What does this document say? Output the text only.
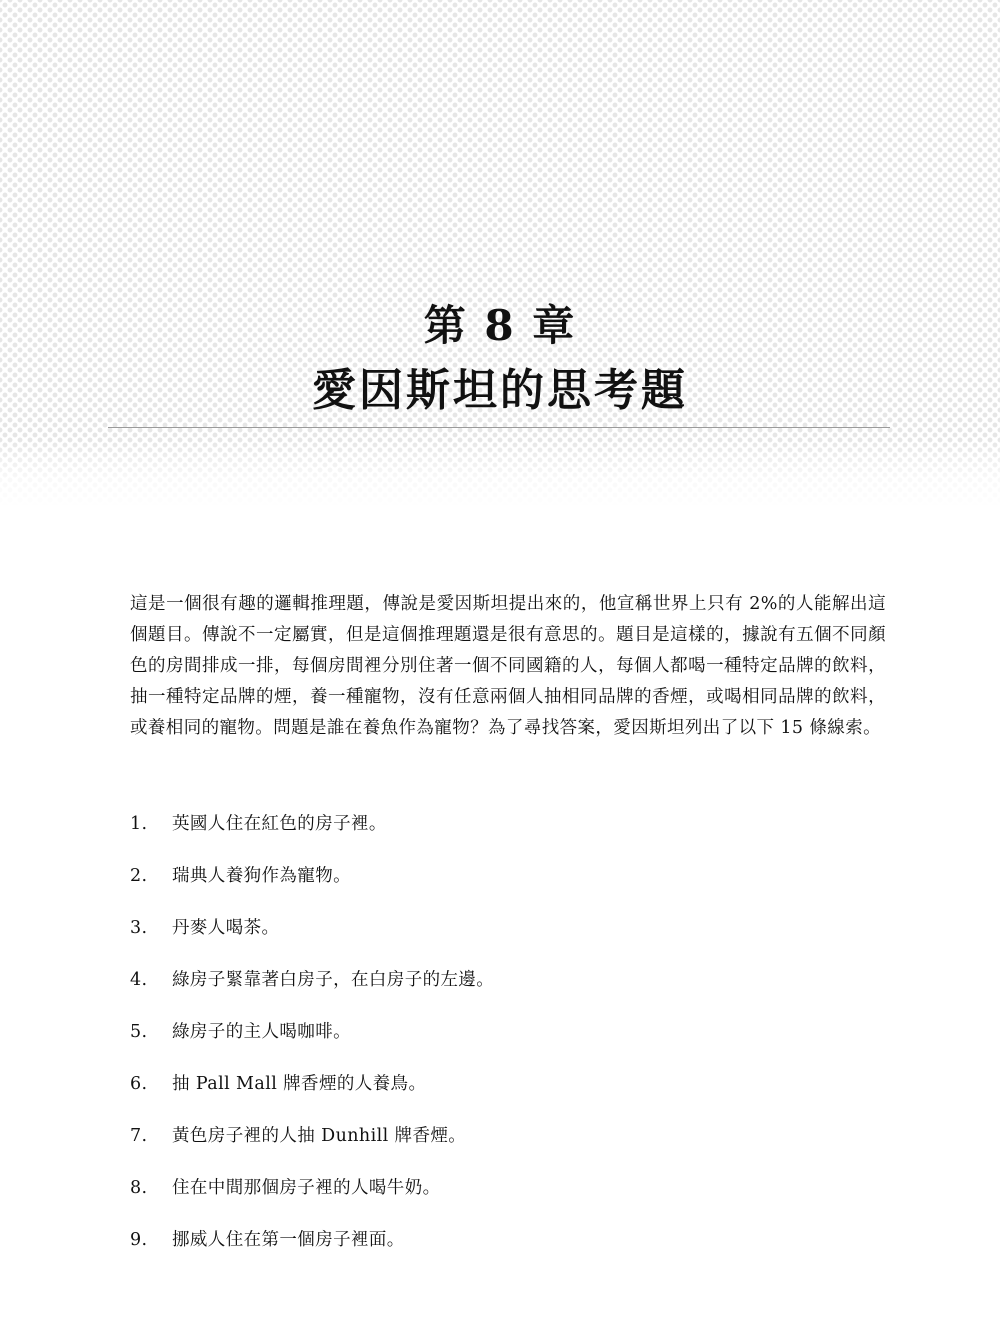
第 8 章
愛因斯坦的思考題

這是一個很有趣的邏輯推理題，傳說是愛因斯坦提出來的，他宣稱世界上只有 2%的人能解出這個題目。傳說不一定屬實，但是這個推理題還是很有意思的。題目是這樣的，據說有五個不同顏色的房間排成一排，每個房間裡分別住著一個不同國籍的人，每個人都喝一種特定品牌的飲料，抽一種特定品牌的煙，養一種寵物，沒有任意兩個人抽相同品牌的香煙，或喝相同品牌的飲料，或養相同的寵物。問題是誰在養魚作為寵物？為了尋找答案，愛因斯坦列出了以下 15 條線索。

1. 英國人住在紅色的房子裡。
2. 瑞典人養狗作為寵物。
3. 丹麥人喝茶。
4. 綠房子緊靠著白房子，在白房子的左邊。
5. 綠房子的主人喝咖啡。
6. 抽 Pall Mall 牌香煙的人養鳥。
7. 黃色房子裡的人抽 Dunhill 牌香煙。
8. 住在中間那個房子裡的人喝牛奶。
9. 挪威人住在第一個房子裡面。
